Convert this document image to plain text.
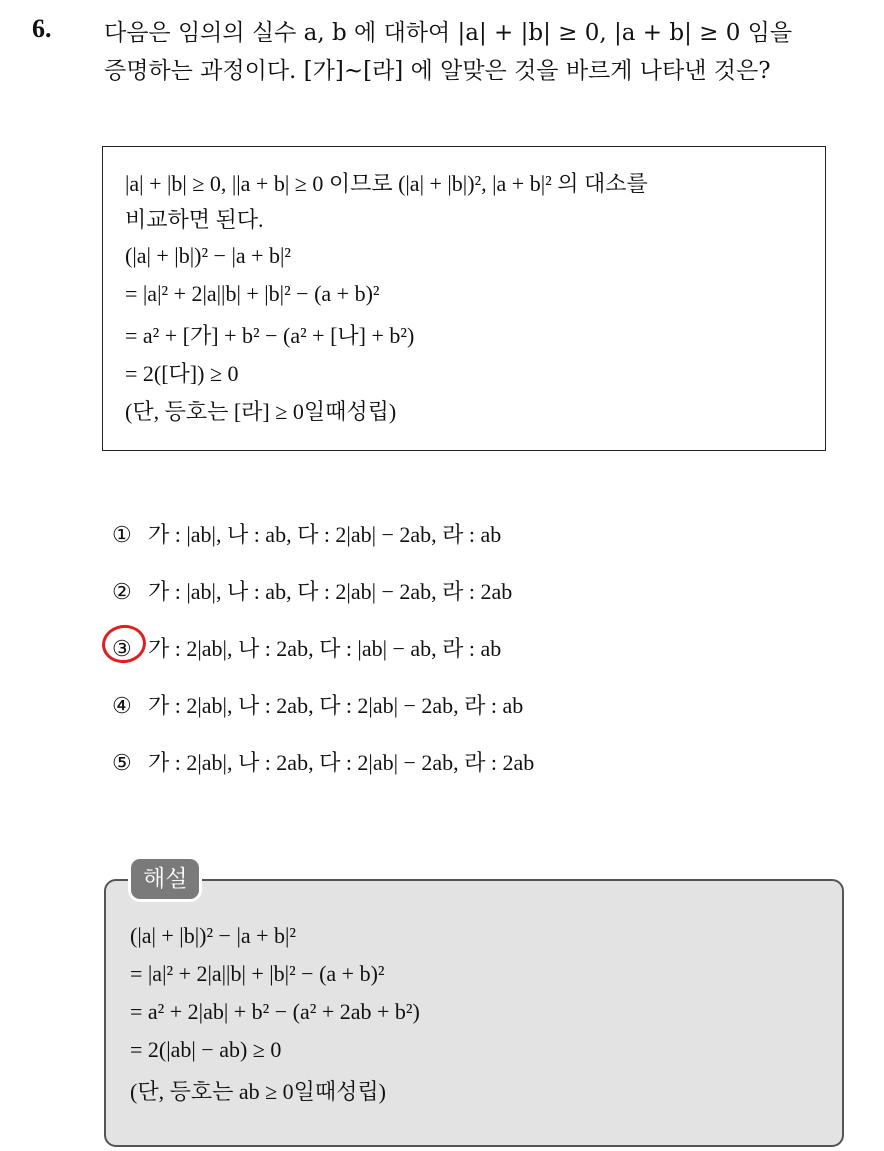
6. 다음은 임의의 실수 a, b 에 대하여 |a| + |b| ≥ 0, |a + b| ≥ 0 임을
증명하는 과정이다. [가]~[라] 에 알맞은 것을 바르게 나타낸 것은?
|a| + |b| ≥ 0, ||a + b| ≥ 0 이므로 (|a| + |b|)², |a + b|² 의 대소를
비교하면 된다.
(|a| + |b|)² − |a + b|²
= |a|² + 2|a||b| + |b|² − (a + b)²
= a² + [가] + b² − (a² + [나] + b²)
= 2([다]) ≥ 0
(단, 등호는 [라] ≥ 0일때성립)
① 가 : |ab|, 나 : ab, 다 : 2|ab| − 2ab, 라 : ab
② 가 : |ab|, 나 : ab, 다 : 2|ab| − 2ab, 라 : 2ab
③ 가 : 2|ab|, 나 : 2ab, 다 : |ab| − ab, 라 : ab
④ 가 : 2|ab|, 나 : 2ab, 다 : 2|ab| − 2ab, 라 : ab
⑤ 가 : 2|ab|, 나 : 2ab, 다 : 2|ab| − 2ab, 라 : 2ab
(|a| + |b|)² − |a + b|²
= |a|² + 2|a||b| + |b|² − (a + b)²
= a² + 2|ab| + b² − (a² + 2ab + b²)
= 2(|ab| − ab) ≥ 0
(단, 등호는 ab ≥ 0일때성립)
해설
